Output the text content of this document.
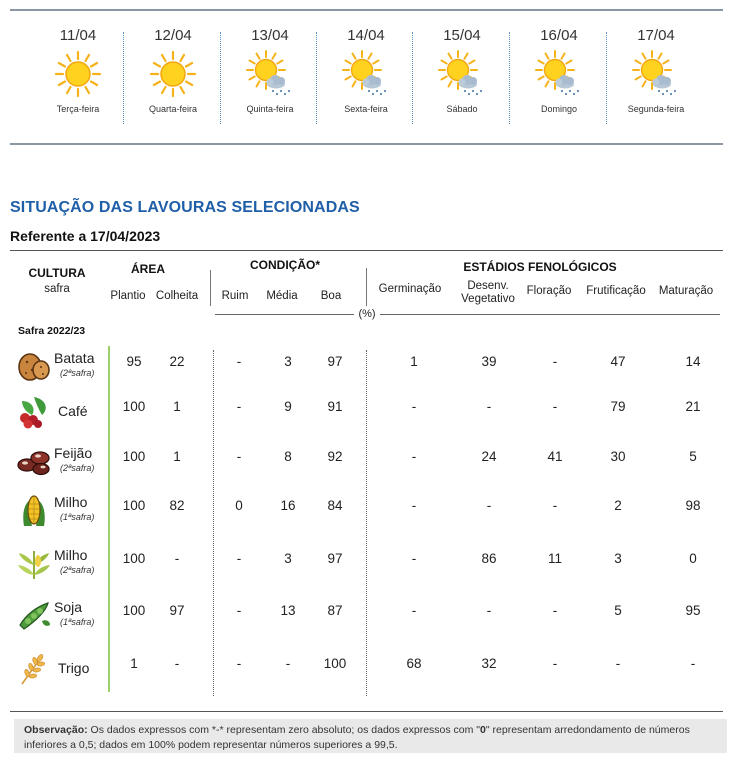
11/04
Terça-feira
12/04
Quarta-feira
13/04
Quinta-feira
14/04
Sexta-feira
15/04
Sábado
16/04
Domingo
17/04
Segunda-feira
SITUAÇÃO DAS LAVOURAS SELECIONADAS
Referente a 17/04/2023
CULTURA
safra
ÁREA
Plantio Colheita
CONDIÇÃO*
Ruim	Média	Boa
ESTÁDIOS FENOLÓGICOS
Germinação	Desenv.
Vegetativo
Floração	Frutificação	Maturação
(%)
Safra 2022/23
Batata
(2ªsafra)
95	22	-	3	97	1	39	-	47	14
Café	100	1	-	9	91	-	-	-	79	21
Feijão
(2ªsafra)
100	1	-	8	92	-	24	41	30	5
Milho
(1ªsafra)
100	82	0	16	84	-	-	-	2	98
Milho
(2ªsafra)
100	-	-	3	97	-	86	11	3	0
Soja
(1ªsafra)
100	97	-	13	87	-	-	-	5	95
Trigo	1	-	-	-	100	68	32	-	-	-
Observação: Os dados expressos com *-* representam zero absoluto; os dados expressos com "0" representam arredondamento de números inferiores a 0,5; dados em 100% podem representar números superiores a 99,5.
